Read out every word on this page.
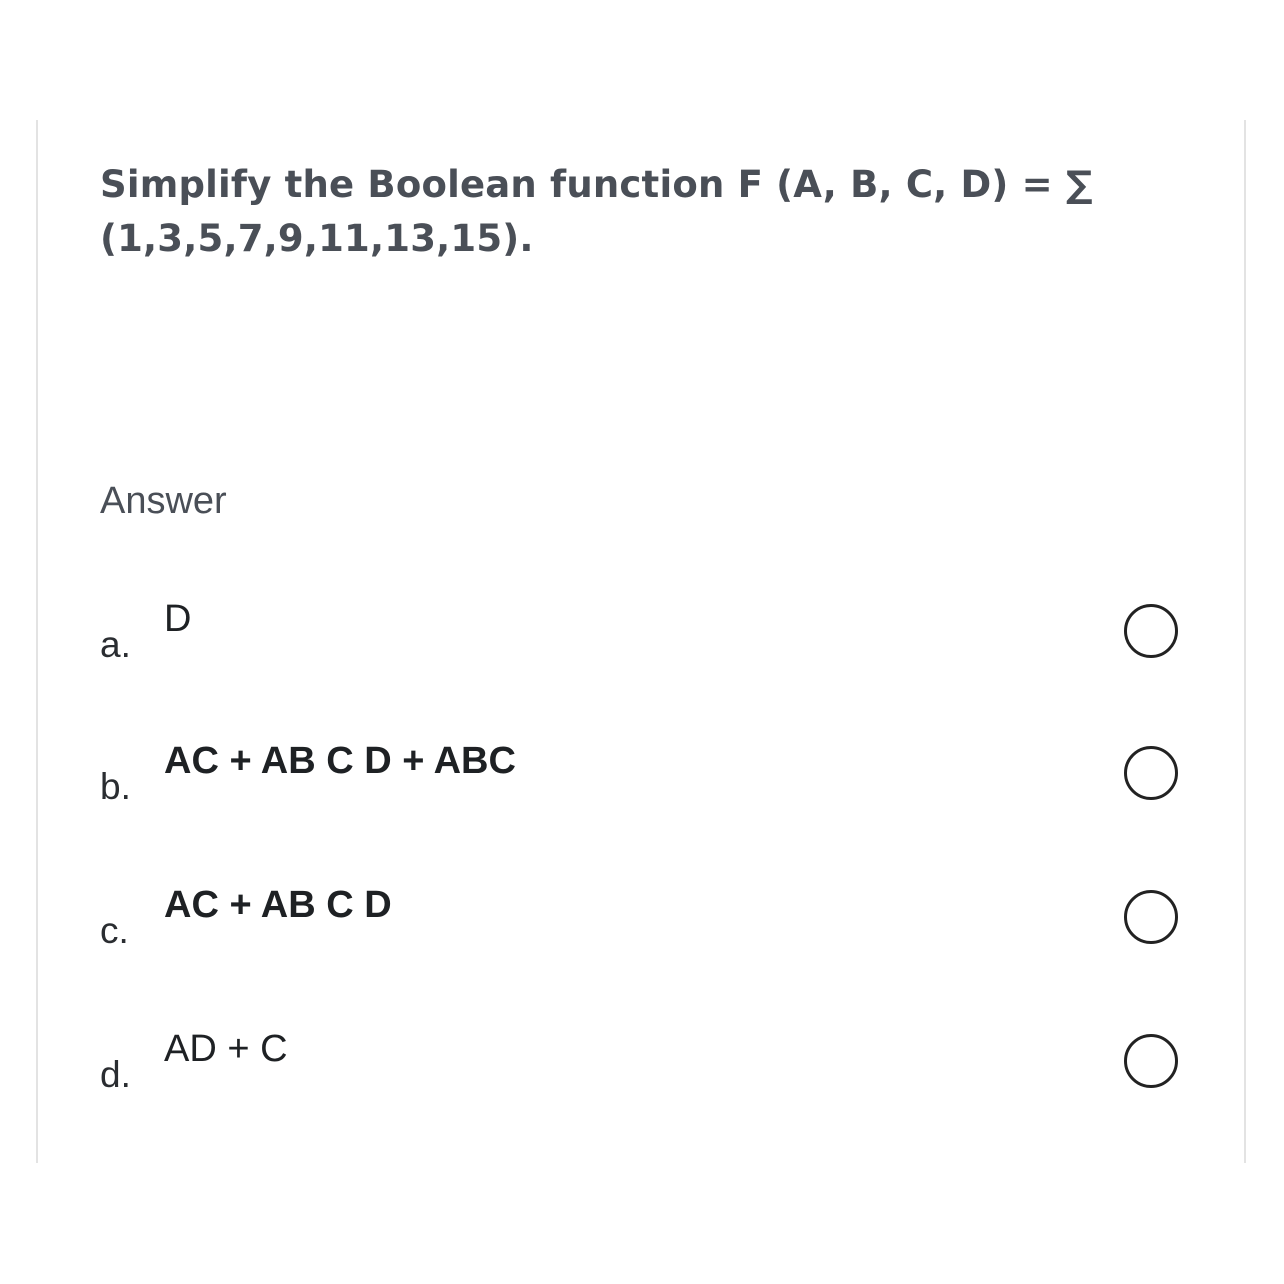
Simplify the Boolean function F (A, B, C, D) = ∑
(1,3,5,7,9,11,13,15).
Answer
a.
D
b.
AC + AB C D + ABC
c.
AC + AB C D
d.
AD + C
